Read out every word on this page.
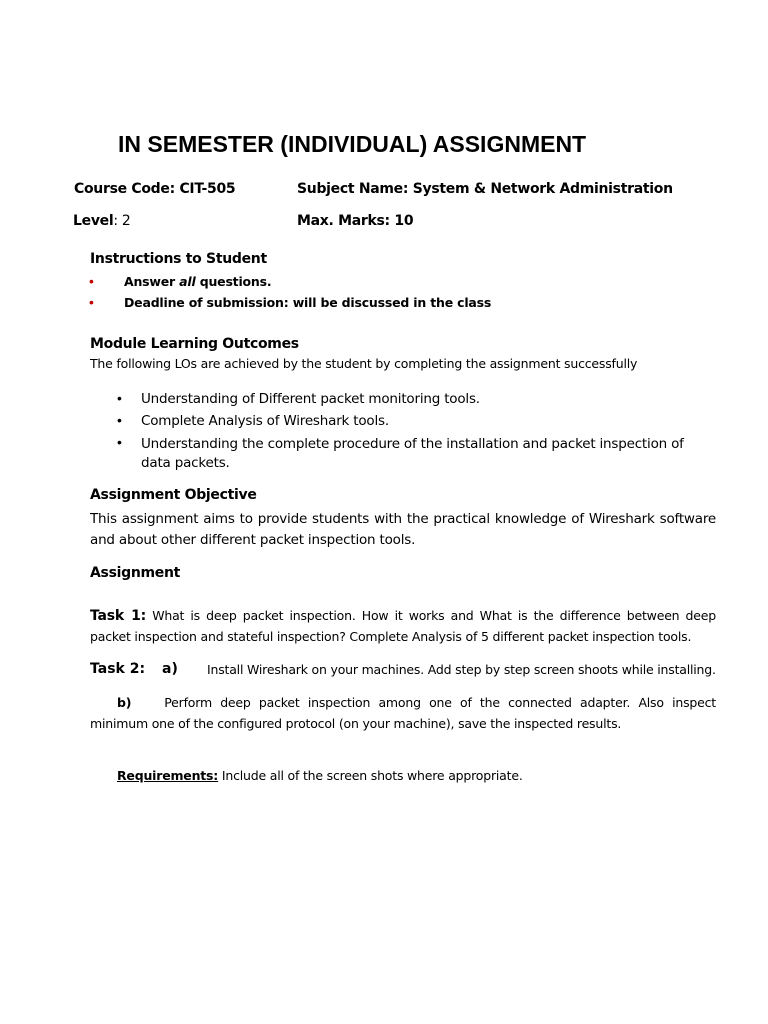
IN SEMESTER (INDIVIDUAL) ASSIGNMENT
Course Code: CIT-505	Subject Name: System & Network Administration
Level: 2	Max. Marks: 10
Instructions to Student
• Answer all questions.
• Deadline of submission: will be discussed in the class
Module Learning Outcomes
The following LOs are achieved by the student by completing the assignment successfully
• Understanding of Different packet monitoring tools.
• Complete Analysis of Wireshark tools.
• Understanding the complete procedure of the installation and packet inspection of data packets.
Assignment Objective
This assignment aims to provide students with the practical knowledge of Wireshark software and about other different packet inspection tools.
Assignment
Task 1: What is deep packet inspection. How it works and What is the difference between deep packet inspection and stateful inspection? Complete Analysis of 5 different packet inspection tools.
Task 2: a) Install Wireshark on your machines. Add step by step screen shoots while installing.
b)	Perform deep packet inspection among one of the connected adapter. Also inspect minimum one of the configured protocol (on your machine), save the inspected results.
Requirements: Include all of the screen shots where appropriate.
